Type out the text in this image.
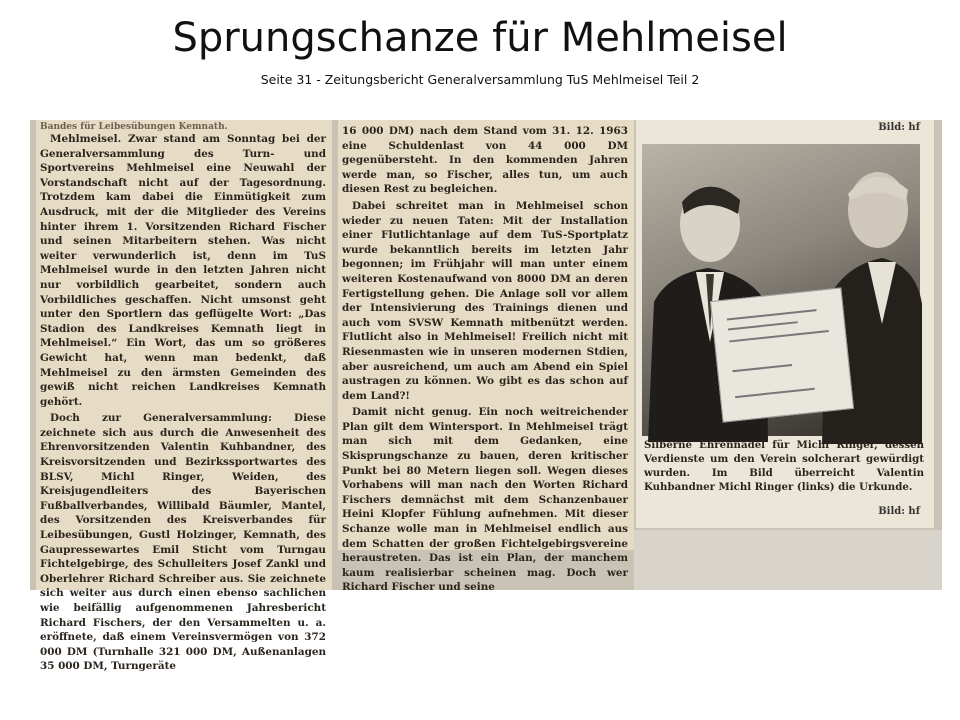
Sprungschanze für Mehlmeisel
Seite 31 - Zeitungsbericht Generalversammlung TuS Mehlmeisel Teil 2
Bandes für Leibesübungen Kemnath.

Mehlmeisel. Zwar stand am Sonntag bei der Generalversammlung des Turn- und Sportvereins Mehlmeisel eine Neuwahl der Vorstandschaft nicht auf der Tagesordnung. Trotzdem kam dabei die Einmütigkeit zum Ausdruck, mit der die Mitglieder des Vereins hinter ihrem 1. Vorsitzenden Richard Fischer und seinen Mitarbeitern stehen. Was nicht weiter verwunderlich ist, denn im TuS Mehlmeisel wurde in den letzten Jahren nicht nur vorbildlich gearbeitet, sondern auch Vorbildliches geschaffen. Nicht umsonst geht unter den Sportlern das geflügelte Wort: „Das Stadion des Landkreises Kemnath liegt in Mehlmeisel.“ Ein Wort, das um so größeres Gewicht hat, wenn man bedenkt, daß Mehlmeisel zu den ärmsten Gemeinden des gewiß nicht reichen Landkreises Kemnath gehört.

Doch zur Generalversammlung: Diese zeichnete sich aus durch die Anwesenheit des Ehrenvorsitzenden Valentin Kuhbandner, des Kreisvorsitzenden und Bezirkssportwartes des BLSV, Michl Ringer, Weiden, des Kreisjugendleiters des Bayerischen Fußballverbandes, Willibald Bäumler, Mantel, des Vorsitzenden des Kreisverbandes für Leibesübungen, Gustl Holzinger, Kemnath, des Gaupressewartes Emil Sticht vom Turngau Fichtelgebirge, des Schulleiters Josef Zankl und Oberlehrer Richard Schreiber aus. Sie zeichnete sich weiter aus durch einen ebenso sachlichen wie beifällig aufgenommenen Jahresbericht Richard Fischers, der den Versammelten u. a. eröffnete, daß einem Vereinsvermögen von 372 000 DM (Turnhalle 321 000 DM, Außenanlagen 35 000 DM, Turngeräte

16 000 DM) nach dem Stand vom 31. 12. 1963 eine Schuldenlast von 44 000 DM gegenübersteht. In den kommenden Jahren werde man, so Fischer, alles tun, um auch diesen Rest zu begleichen.

Dabei schreitet man in Mehlmeisel schon wieder zu neuen Taten: Mit der Installation einer Flutlichtanlage auf dem TuS-Sportplatz wurde bekanntlich bereits im letzten Jahr begonnen; im Frühjahr will man unter einem weiteren Kostenaufwand von 8000 DM an deren Fertigstellung gehen. Die Anlage soll vor allem der Intensivierung des Trainings dienen und auch vom SVSW Kemnath mitbenützt werden. Flutlicht also in Mehlmeisel! Freilich nicht mit Riesenmasten wie in unseren modernen Stdien, aber ausreichend, um auch am Abend ein Spiel austragen zu können. Wo gibt es das schon auf dem Land?!

Damit nicht genug. Ein noch weitreichender Plan gilt dem Wintersport. In Mehlmeisel trägt man sich mit dem Gedanken, eine Skisprungschanze zu bauen, deren kritischer Punkt bei 80 Metern liegen soll. Wegen dieses Vorhabens will man nach den Worten Richard Fischers demnächst mit dem Schanzenbauer Heini Klopfer Fühlung aufnehmen. Mit dieser Schanze wolle man in Mehlmeisel endlich aus dem Schatten der großen Fichtelgebirgsvereine heraustreten. Das ist ein Plan, der manchem kaum realisierbar scheinen mag. Doch wer Richard Fischer und seine

Bild: hf
Silberne Ehrennadel für Michl Ringer, dessen Verdienste um den Verein solcherart gewürdigt wurden. Im Bild überreicht Valentin Kuhbandner Michl Ringer (links) die Urkunde.
Bild: hf
